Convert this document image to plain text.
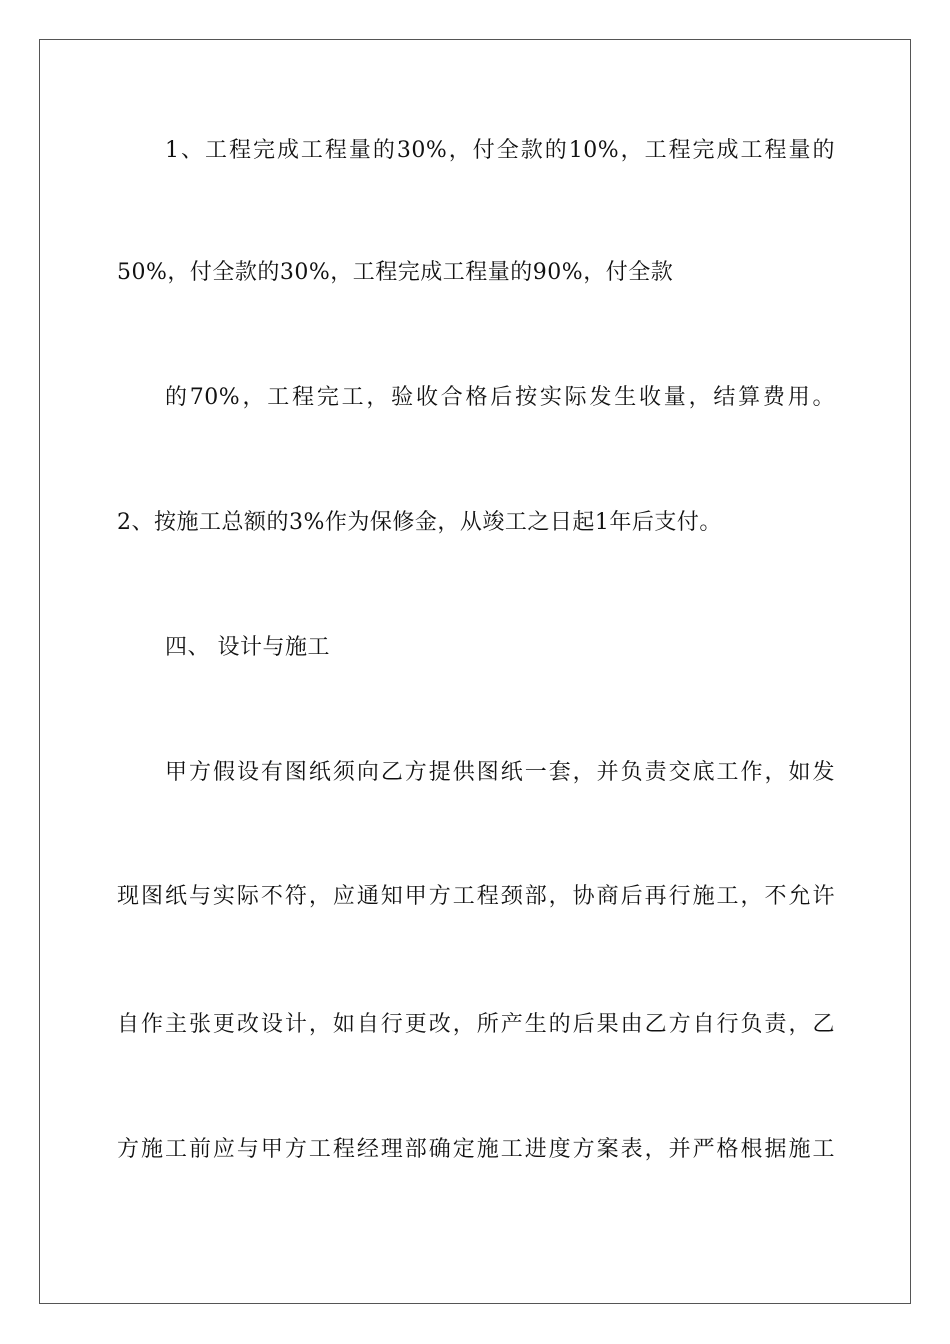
1、工程完成工程量的30%，付全款的10%，工程完成工程量的
50%，付全款的30%，工程完成工程量的90%，付全款
的70%，工程完工，验收合格后按实际发生收量，结算费用。
2、按施工总额的3%作为保修金，从竣工之日起1年后支付。
四、 设计与施工
甲方假设有图纸须向乙方提供图纸一套，并负责交底工作，如发
现图纸与实际不符，应通知甲方工程颈部，协商后再行施工，不允许
自作主张更改设计，如自行更改，所产生的后果由乙方自行负责，乙
方施工前应与甲方工程经理部确定施工进度方案表，并严格根据施工
